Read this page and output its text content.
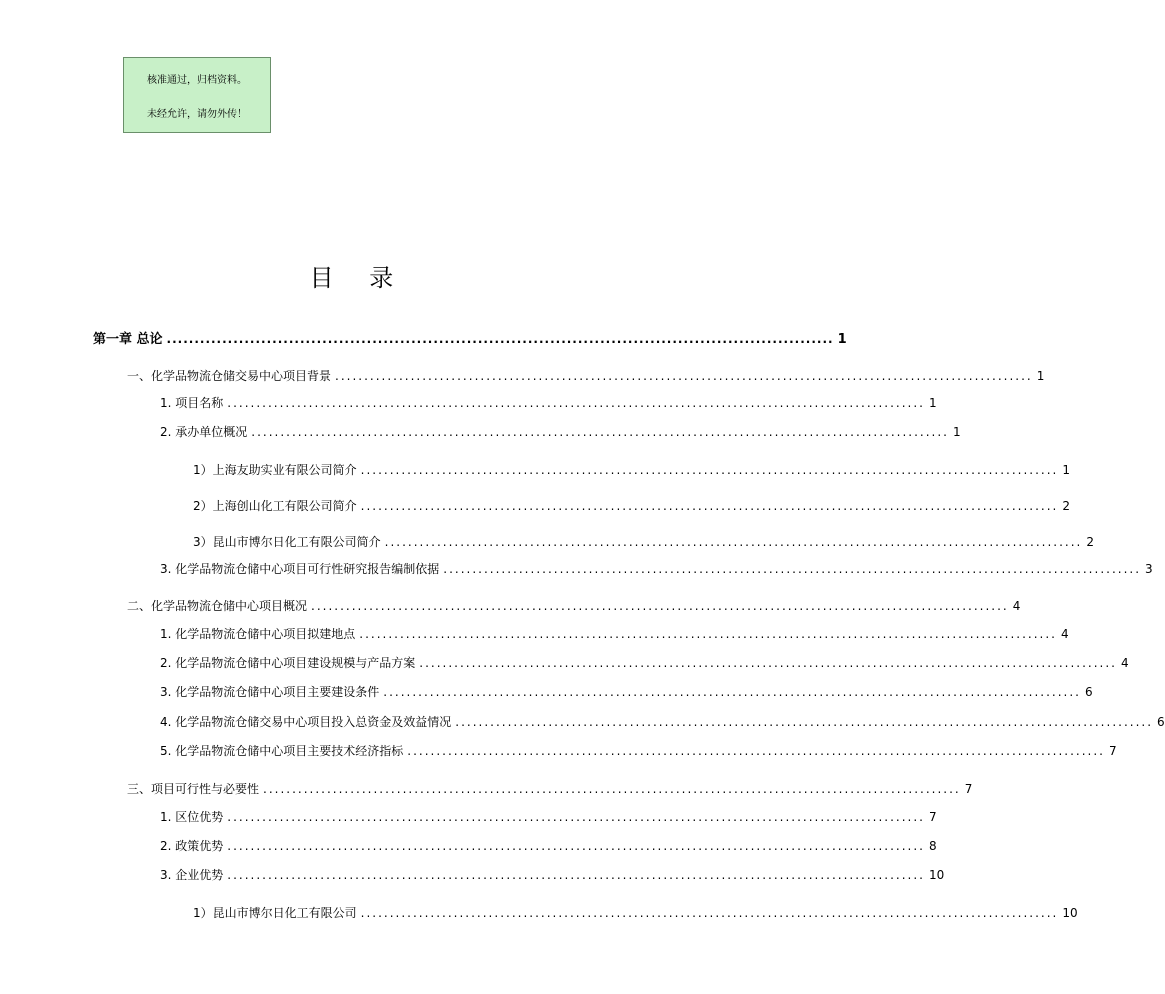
核准通过，归档资料。
未经允许，请勿外传！
目 录
第一章 总论 ........................................................................................................................ 1
一、化学品物流仓储交易中心项目背景 ........................................................................................................................ 1
1. 项目名称 ........................................................................................................................ 1
2. 承办单位概况 ........................................................................................................................ 1
1）上海友助实业有限公司简介 ........................................................................................................................ 1
2）上海创山化工有限公司简介 ........................................................................................................................ 2
3）昆山市博尔日化工有限公司简介 ........................................................................................................................ 2
3. 化学品物流仓储中心项目可行性研究报告编制依据 ........................................................................................................................ 3
二、化学品物流仓储中心项目概况 ........................................................................................................................ 4
1. 化学品物流仓储中心项目拟建地点 ........................................................................................................................ 4
2. 化学品物流仓储中心项目建设规模与产品方案 ........................................................................................................................ 4
3. 化学品物流仓储中心项目主要建设条件 ........................................................................................................................ 6
4. 化学品物流仓储交易中心项目投入总资金及效益情况 ........................................................................................................................ 6
5. 化学品物流仓储中心项目主要技术经济指标 ........................................................................................................................ 7
三、项目可行性与必要性 ........................................................................................................................ 7
1. 区位优势 ........................................................................................................................ 7
2. 政策优势 ........................................................................................................................ 8
3. 企业优势 ........................................................................................................................ 10
1）昆山市博尔日化工有限公司 ........................................................................................................................ 10
